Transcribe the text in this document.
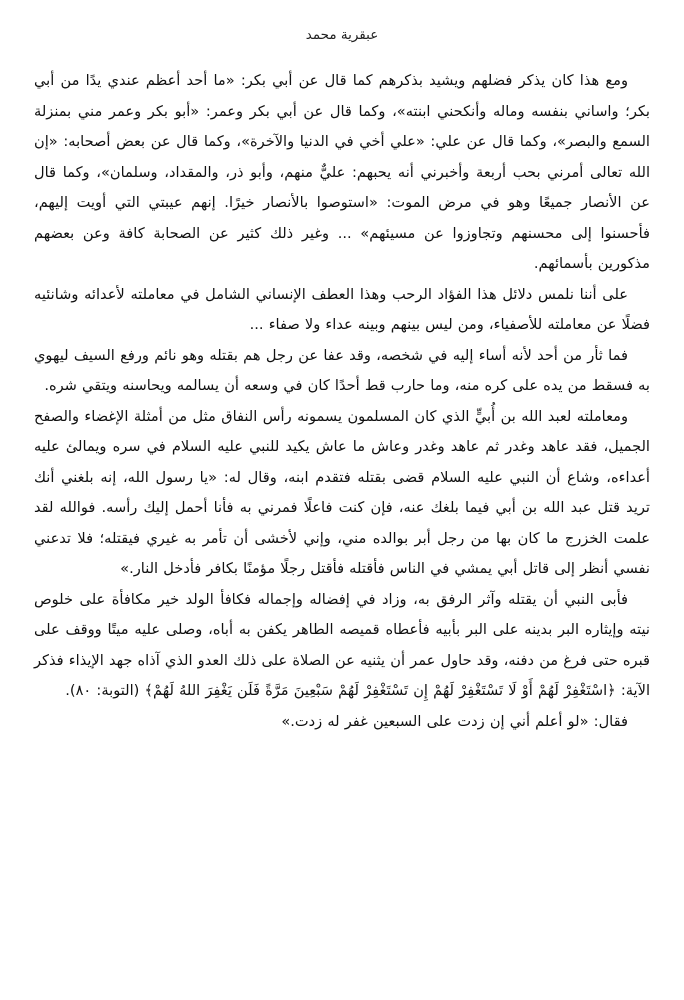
عبقرية محمد

ومع هذا كان يذكر فضلهم ويشيد بذكرهم كما قال عن أبي بكر: «ما أحد أعظم عندي يدًا من أبي بكر؛ واساني بنفسه وماله وأنكحني ابنته»، وكما قال عن أبي بكر وعمر: «أبو بكر وعمر مني بمنزلة السمع والبصر»، وكما قال عن علي: «علي أخي في الدنيا والآخرة»، وكما قال عن بعض أصحابه: «إن الله تعالى أمرني بحب أربعة وأخبرني أنه يحبهم: عليٌّ منهم، وأبو ذر، والمقداد، وسلمان»، وكما قال عن الأنصار جميعًا وهو في مرض الموت: «استوصوا بالأنصار خيرًا. إنهم عيبتي التي أويت إليهم، فأحسنوا إلى محسنهم وتجاوزوا عن مسيئهم» ... وغير ذلك كثير عن الصحابة كافة وعن بعضهم مذكورين بأسمائهم.

على أننا نلمس دلائل هذا الفؤاد الرحب وهذا العطف الإنساني الشامل في معاملته لأعدائه وشانئيه فضلًا عن معاملته للأصفياء، ومن ليس بينهم وبينه عداء ولا صفاء ...

فما ثأر من أحد لأنه أساء إليه في شخصه، وقد عفا عن رجل هم بقتله وهو نائم ورفع السيف ليهوي به فسقط من يده على كره منه، وما حارب قط أحدًا كان في وسعه أن يسالمه ويحاسنه ويتقي شره.

ومعاملته لعبد الله بن أُبيٍّ الذي كان المسلمون يسمونه رأس النفاق مثل من أمثلة الإغضاء والصفح الجميل، فقد عاهد وغدر ثم عاهد وغدر وعاش ما عاش يكيد للنبي عليه السلام في سره ويمالئ عليه أعداءه، وشاع أن النبي عليه السلام قضى بقتله فتقدم ابنه، وقال له: «يا رسول الله، إنه بلغني أنك تريد قتل عبد الله بن أبي فيما بلغك عنه، فإن كنت فاعلًا فمرني به فأنا أحمل إليك رأسه. فوالله لقد علمت الخزرج ما كان بها من رجل أبر بوالده مني، وإني لأخشى أن تأمر به غيري فيقتله؛ فلا تدعني نفسي أنظر إلى قاتل أبي يمشي في الناس فأقتله فأقتل رجلًا مؤمنًا بكافر فأدخل النار.»

فأبى النبي أن يقتله وآثر الرفق به، وزاد في إفضاله وإجماله فكافأ الولد خير مكافأة على خلوص نيته وإيثاره البر بدينه على البر بأبيه فأعطاه قميصه الطاهر يكفن به أباه، وصلى عليه ميتًا ووقف على قبره حتى فرغ من دفنه، وقد حاول عمر أن يثنيه عن الصلاة على ذلك العدو الذي آذاه جهد الإيذاء فذكر الآية: ﴿اسْتَغْفِرْ لَهُمْ أَوْ لَا تَسْتَغْفِرْ لَهُمْ إِن تَسْتَغْفِرْ لَهُمْ سَبْعِينَ مَرَّةً فَلَن يَغْفِرَ اللهُ لَهُمْ﴾ (التوبة: ٨٠).

فقال: «لو أعلم أني إن زدت على السبعين غفر له زدت.»
